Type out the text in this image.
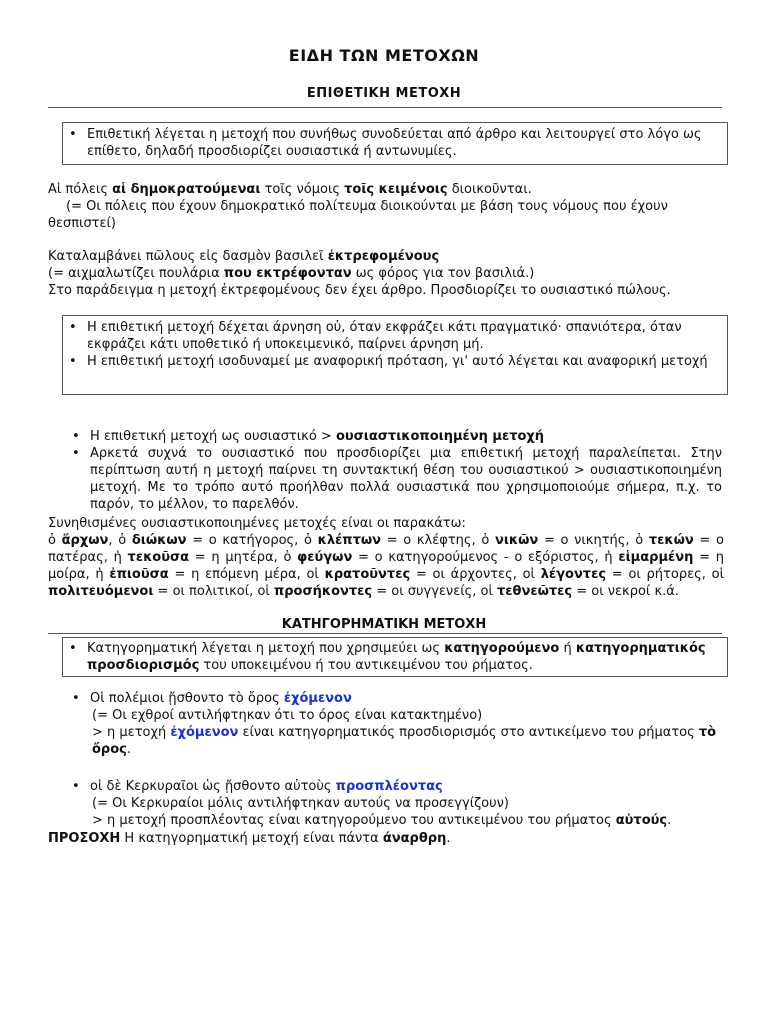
ΕΙΔΗ ΤΩΝ ΜΕΤΟΧΩΝ
ΕΠΙΘΕΤΙΚΗ ΜΕΤΟΧΗ
• Επιθετική λέγεται η μετοχή που συνήθως συνοδεύεται από άρθρο και λειτουργεί στο λόγο ως επίθετο, δηλαδή προσδιορίζει ουσιαστικά ή αντωνυμίες.

Αἱ πόλεις αἱ δημοκρατούμεναι τοῖς νόμοις τοῖς κειμένοις διοικοῦνται.

(= Οι πόλεις που έχουν δημοκρατικό πολίτευμα διοικούνται με βάση τους νόμους που έχουν θεσπιστεί)

Καταλαμβάνει πῶλους εἰς δασμὸν βασιλεῖ ἐκτρεφομένους

(= αιχμαλωτίζει πουλάρια που εκτρέφονταν ως φόρος για τον βασιλιά.)

Στο παράδειγμα η μετοχή ἐκτρεφομένους δεν έχει άρθρο. Προσδιορίζει το ουσιαστικό πώλους.

• Η επιθετική μετοχή δέχεται άρνηση οὐ, όταν εκφράζει κάτι πραγματικό· σπανιότερα, όταν εκφράζει κάτι υποθετικό ή υποκειμενικό, παίρνει άρνηση μή.
• Η επιθετική μετοχή ισοδυναμεί με αναφορική πρόταση, γι' αυτό λέγεται και αναφορική μετοχή
• Η επιθετική μετοχή ως ουσιαστικό > ουσιαστικοποιημένη μετοχή
• Αρκετά συχνά το ουσιαστικό που προσδιορίζει μια επιθετική μετοχή παραλείπεται. Στην περίπτωση αυτή η μετοχή παίρνει τη συντακτική θέση του ουσιαστικού > ουσιαστικοποιημένη μετοχή. Με το τρόπο αυτό προήλθαν πολλά ουσιαστικά που χρησιμοποιούμε σήμερα, π.χ. το παρόν, το μέλλον, το παρελθόν.
Συνηθισμένες ουσιαστικοποιημένες μετοχές είναι οι παρακάτω:
ὁ ἄρχων, ὁ διώκων = ο κατήγορος, ὁ κλέπτων = ο κλέφτης, ὁ νικῶν = ο νικητής, ὁ τεκών = ο πατέρας, ἡ τεκοῦσα = η μητέρα, ὁ φεύγων = ο κατηγορούμενος - ο εξόριστος, ἡ εἱμαρμένη = η μοίρα, ἡ ἐπιοῦσα = η επόμενη μέρα, οἱ κρατοῦντες = οι άρχοντες, οἱ λέγοντες = οι ρήτορες, οἱ πολιτευόμενοι = οι πολιτικοί, οἱ προσήκοντες = οι συγγενείς, οἱ τεθνεῶτες = οι νεκροί κ.ά.
ΚΑΤΗΓΟΡΗΜΑΤΙΚΗ ΜΕΤΟΧΗ
• Κατηγορηματική λέγεται η μετοχή που χρησιμεύει ως κατηγορούμενο ή κατηγορηματικός προσδιορισμός του υποκειμένου ή του αντικειμένου του ρήματος.
• Οἱ πολέμιοι ᾔσθοντο τὸ ὄρος ἐχόμενον

(= Οι εχθροί αντιλήφτηκαν ότι το όρος είναι κατακτημένο)

> η μετοχή ἐχόμενον είναι κατηγορηματικός προσδιορισμός στο αντικείμενο του ρήματος τὸ ὄρος.

• οἱ δὲ Κερκυραῖοι ὡς ᾔσθοντο αὐτοὺς προσπλέοντας

(= Οι Κερκυραίοι μόλις αντιλήφτηκαν αυτούς να προσεγγίζουν)

> η μετοχή προσπλέοντας είναι κατηγορούμενο του αντικειμένου του ρήματος αὐτούς.

ΠΡΟΣΟΧΗ Η κατηγορηματική μετοχή είναι πάντα άναρθρη.
